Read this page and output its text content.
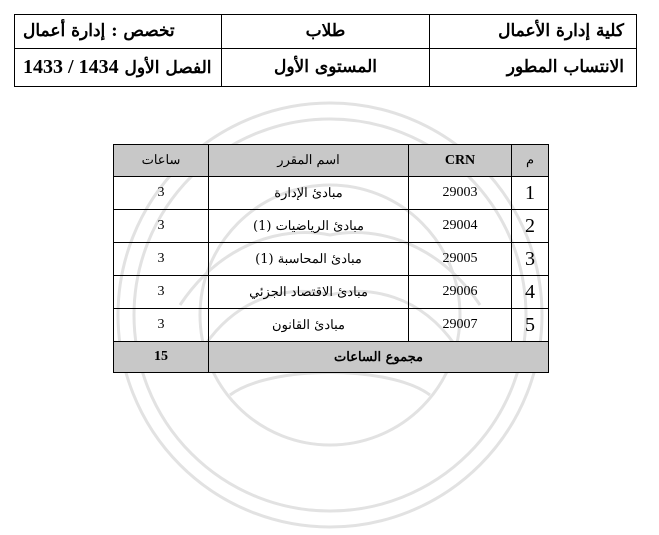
كلية إدارة الأعمال	طلاب	تخصص : إدارة أعمال
الانتساب المطور	المستوى الأول	الفصل الأول 1434 / 1433
م	CRN	اسم المقرر	ساعات
1	29003	مبادئ الإدارة	3
2	29004	مبادئ الرياضيات (1)	3
3	29005	مبادئ المحاسبة (1)	3
4	29006	مبادئ الاقتصاد الجزئي	3
5	29007	مبادئ القانون	3
مجموع الساعات			15
